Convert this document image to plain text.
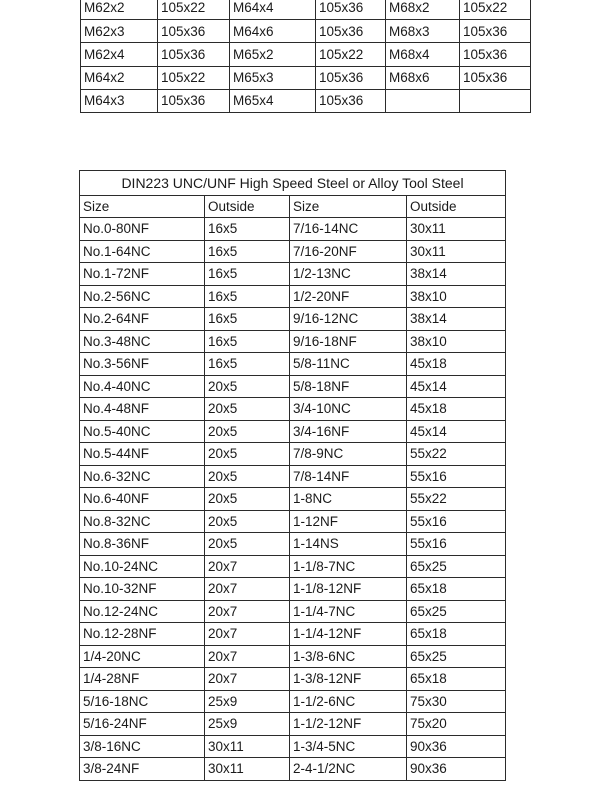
M62x2	105x22	M64x4	105x36	M68x2	105x22
M62x3	105x36	M64x6	105x36	M68x3	105x36
M62x4	105x36	M65x2	105x22	M68x4	105x36
M64x2	105x22	M65x3	105x36	M68x6	105x36
M64x3	105x36	M65x4	105x36		
DIN223 UNC/UNF High Speed Steel or Alloy Tool Steel			
Size	Outside	Size	Outside
No.0-80NF	16x5	7/16-14NC	30x11
No.1-64NC	16x5	7/16-20NF	30x11
No.1-72NF	16x5	1/2-13NC	38x14
No.2-56NC	16x5	1/2-20NF	38x10
No.2-64NF	16x5	9/16-12NC	38x14
No.3-48NC	16x5	9/16-18NF	38x10
No.3-56NF	16x5	5/8-11NC	45x18
No.4-40NC	20x5	5/8-18NF	45x14
No.4-48NF	20x5	3/4-10NC	45x18
No.5-40NC	20x5	3/4-16NF	45x14
No.5-44NF	20x5	7/8-9NC	55x22
No.6-32NC	20x5	7/8-14NF	55x16
No.6-40NF	20x5	1-8NC	55x22
No.8-32NC	20x5	1-12NF	55x16
No.8-36NF	20x5	1-14NS	55x16
No.10-24NC	20x7	1-1/8-7NC	65x25
No.10-32NF	20x7	1-1/8-12NF	65x18
No.12-24NC	20x7	1-1/4-7NC	65x25
No.12-28NF	20x7	1-1/4-12NF	65x18
1/4-20NC	20x7	1-3/8-6NC	65x25
1/4-28NF	20x7	1-3/8-12NF	65x18
5/16-18NC	25x9	1-1/2-6NC	75x30
5/16-24NF	25x9	1-1/2-12NF	75x20
3/8-16NC	30x11	1-3/4-5NC	90x36
3/8-24NF	30x11	2-4-1/2NC	90x36
